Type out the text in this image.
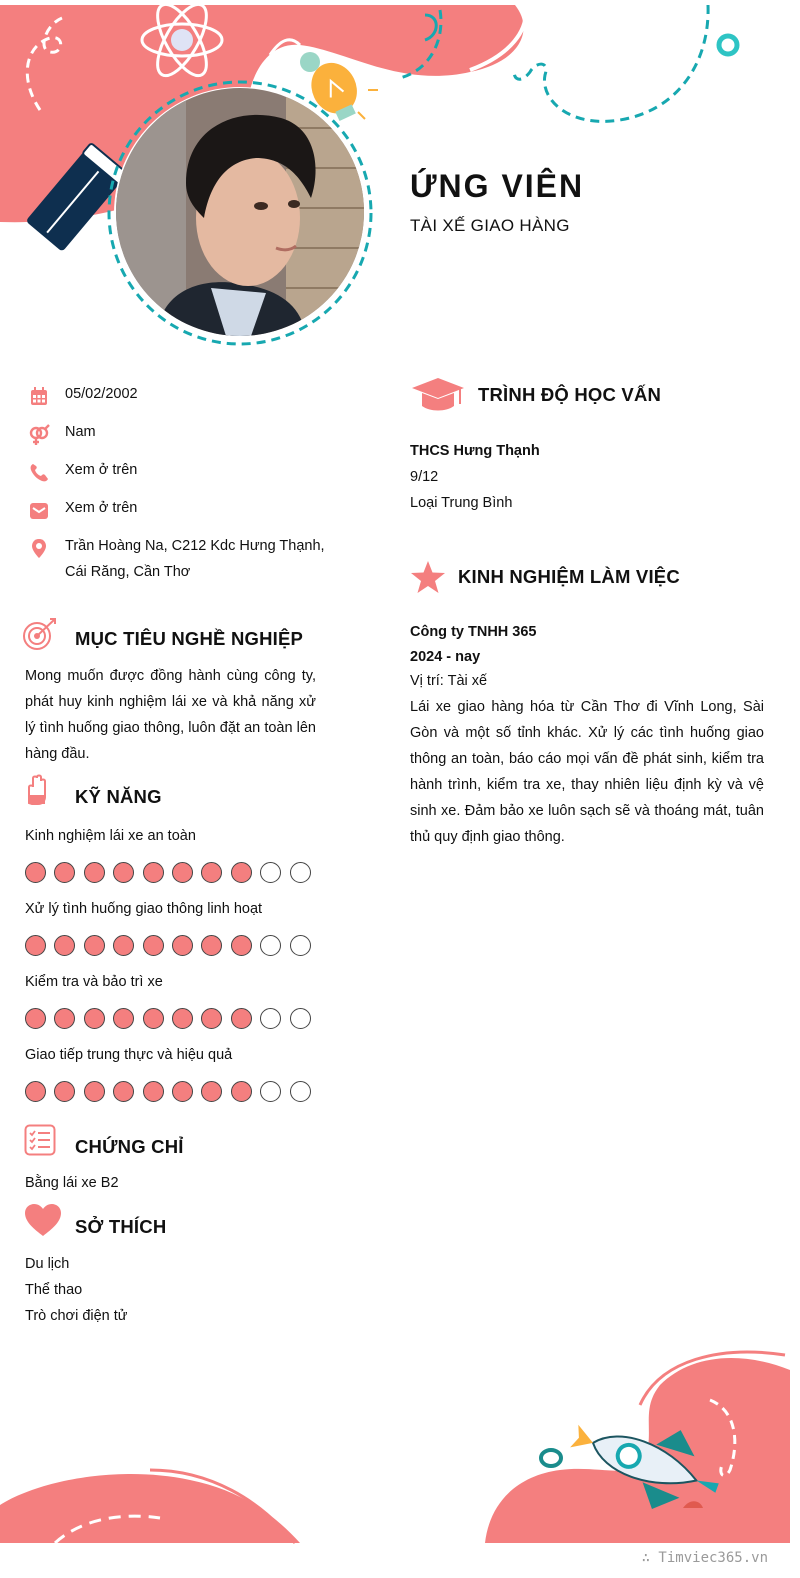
ỨNG VIÊN
TÀI XẾ GIAO HÀNG
05/02/2002
Nam
Xem ở trên
Xem ở trên
Trần Hoàng Na, C212 Kdc Hưng Thạnh, Cái Răng, Cần Thơ
MỤC TIÊU NGHỀ NGHIỆP
Mong muốn được đồng hành cùng công ty, phát huy kinh nghiệm lái xe và khả năng xử lý tình huống giao thông, luôn đặt an toàn lên hàng đầu.
KỸ NĂNG
Kinh nghiệm lái xe an toàn
Xử lý tình huống giao thông linh hoạt
Kiểm tra và bảo trì xe
Giao tiếp trung thực và hiệu quả
CHỨNG CHỈ
Bằng lái xe B2
SỞ THÍCH
Du lịch
Thể thao
Trò chơi điện tử
TRÌNH ĐỘ HỌC VẤN
THCS Hưng Thạnh
9/12
Loại Trung Bình
KINH NGHIỆM LÀM VIỆC
Công ty TNHH 365
2024 - nay
Vị trí: Tài xế
Lái xe giao hàng hóa từ Cần Thơ đi Vĩnh Long, Sài Gòn và một số tỉnh khác. Xử lý các tình huống giao thông an toàn, báo cáo mọi vấn đề phát sinh, kiểm tra hành trình, kiểm tra xe, thay nhiên liệu định kỳ và vệ sinh xe. Đảm bảo xe luôn sạch sẽ và thoáng mát, tuân thủ quy định giao thông.
∴ Timviec365.vn
